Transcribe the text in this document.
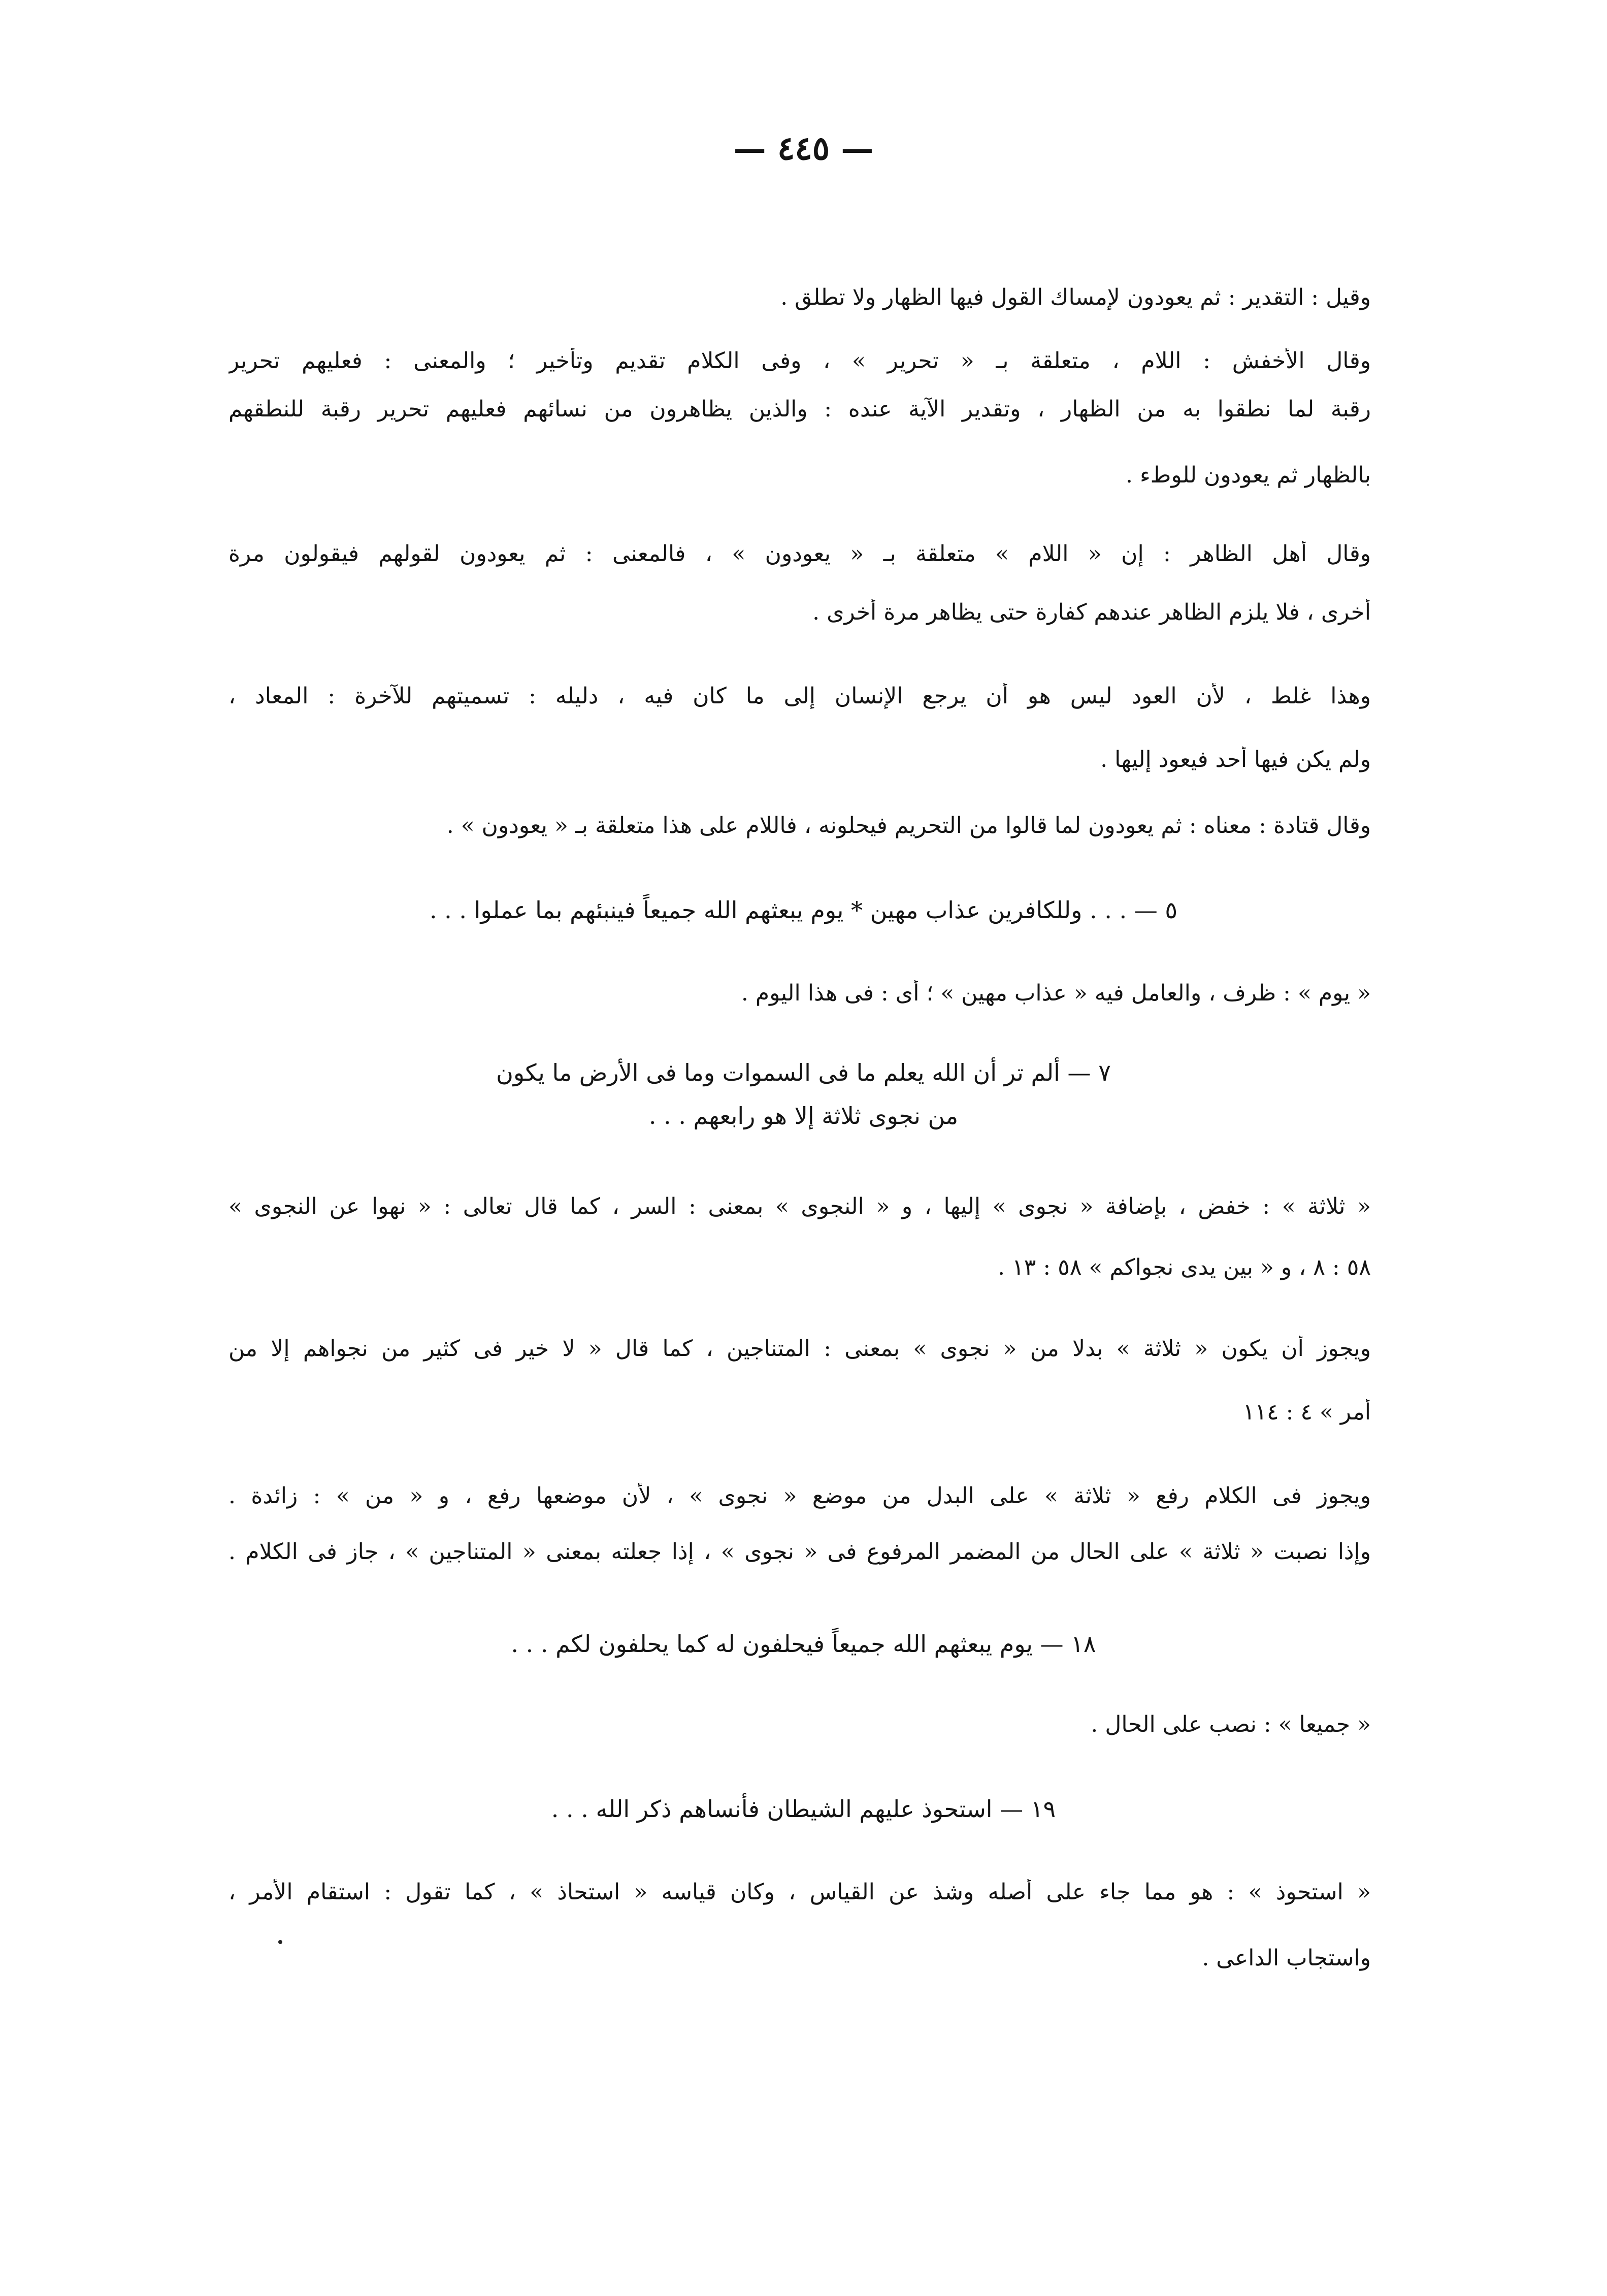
— ٤٤٥ —
وقيل : التقدير : ثم يعودون لإمساك القول فيها الظهار ولا تطلق .
وقال الأخفش : اللام ، متعلقة بـ « تحرير » ، وفى الكلام تقديم وتأخير ؛ والمعنى : فعليهم تحرير
رقبة لما نطقوا به من الظهار ، وتقدير الآية عنده : والذين يظاهرون من نسائهم فعليهم تحرير رقبة للنطقهم
بالظهار ثم يعودون للوطء .
وقال أهل الظاهر : إن « اللام » متعلقة بـ « يعودون » ، فالمعنى : ثم يعودون لقولهم فيقولون مرة
أخرى ، فلا يلزم الظاهر عندهم كفارة حتى يظاهر مرة أخرى .
وهذا غلط ، لأن العود ليس هو أن يرجع الإنسان إلى ما كان فيه ، دليله : تسميتهم للآخرة : المعاد ،
ولم يكن فيها أحد فيعود إليها .
وقال قتادة : معناه : ثم يعودون لما قالوا من التحريم فيحلونه ، فاللام على هذا متعلقة بـ « يعودون » .
٥ — . . . وللكافرين عذاب مهين * يوم يبعثهم الله جميعاً فينبئهم بما عملوا . . .
« يوم » : ظرف ، والعامل فيه « عذاب مهين » ؛ أى : فى هذا اليوم .
٧ — ألم تر أن الله يعلم ما فى السموات وما فى الأرض ما يكون
من نجوى ثلاثة إلا هو رابعهم . . .
« ثلاثة » : خفض ، بإضافة « نجوى » إليها ، و « النجوى » بمعنى : السر ، كما قال تعالى : « نهوا عن النجوى »
٥٨ : ٨ ، و « بين يدى نجواكم » ٥٨ : ١٣ .
ويجوز أن يكون « ثلاثة » بدلا من « نجوى » بمعنى : المتناجين ، كما قال « لا خير فى كثير من نجواهم إلا من
أمر » ٤ : ١١٤
ويجوز فى الكلام رفع « ثلاثة » على البدل من موضع « نجوى » ، لأن موضعها رفع ، و « من » : زائدة .
وإذا نصبت « ثلاثة » على الحال من المضمر المرفوع فى « نجوى » ، إذا جعلته بمعنى « المتناجين » ، جاز فى الكلام .
١٨ — يوم يبعثهم الله جميعاً فيحلفون له كما يحلفون لكم . . .
« جميعا » : نصب على الحال .
١٩ — استحوذ عليهم الشيطان فأنساهم ذكر الله . . .
« استحوذ » : هو مما جاء على أصله وشذ عن القياس ، وكان قياسه « استحاذ » ، كما تقول : استقام الأمر ،
واستجاب الداعى .
